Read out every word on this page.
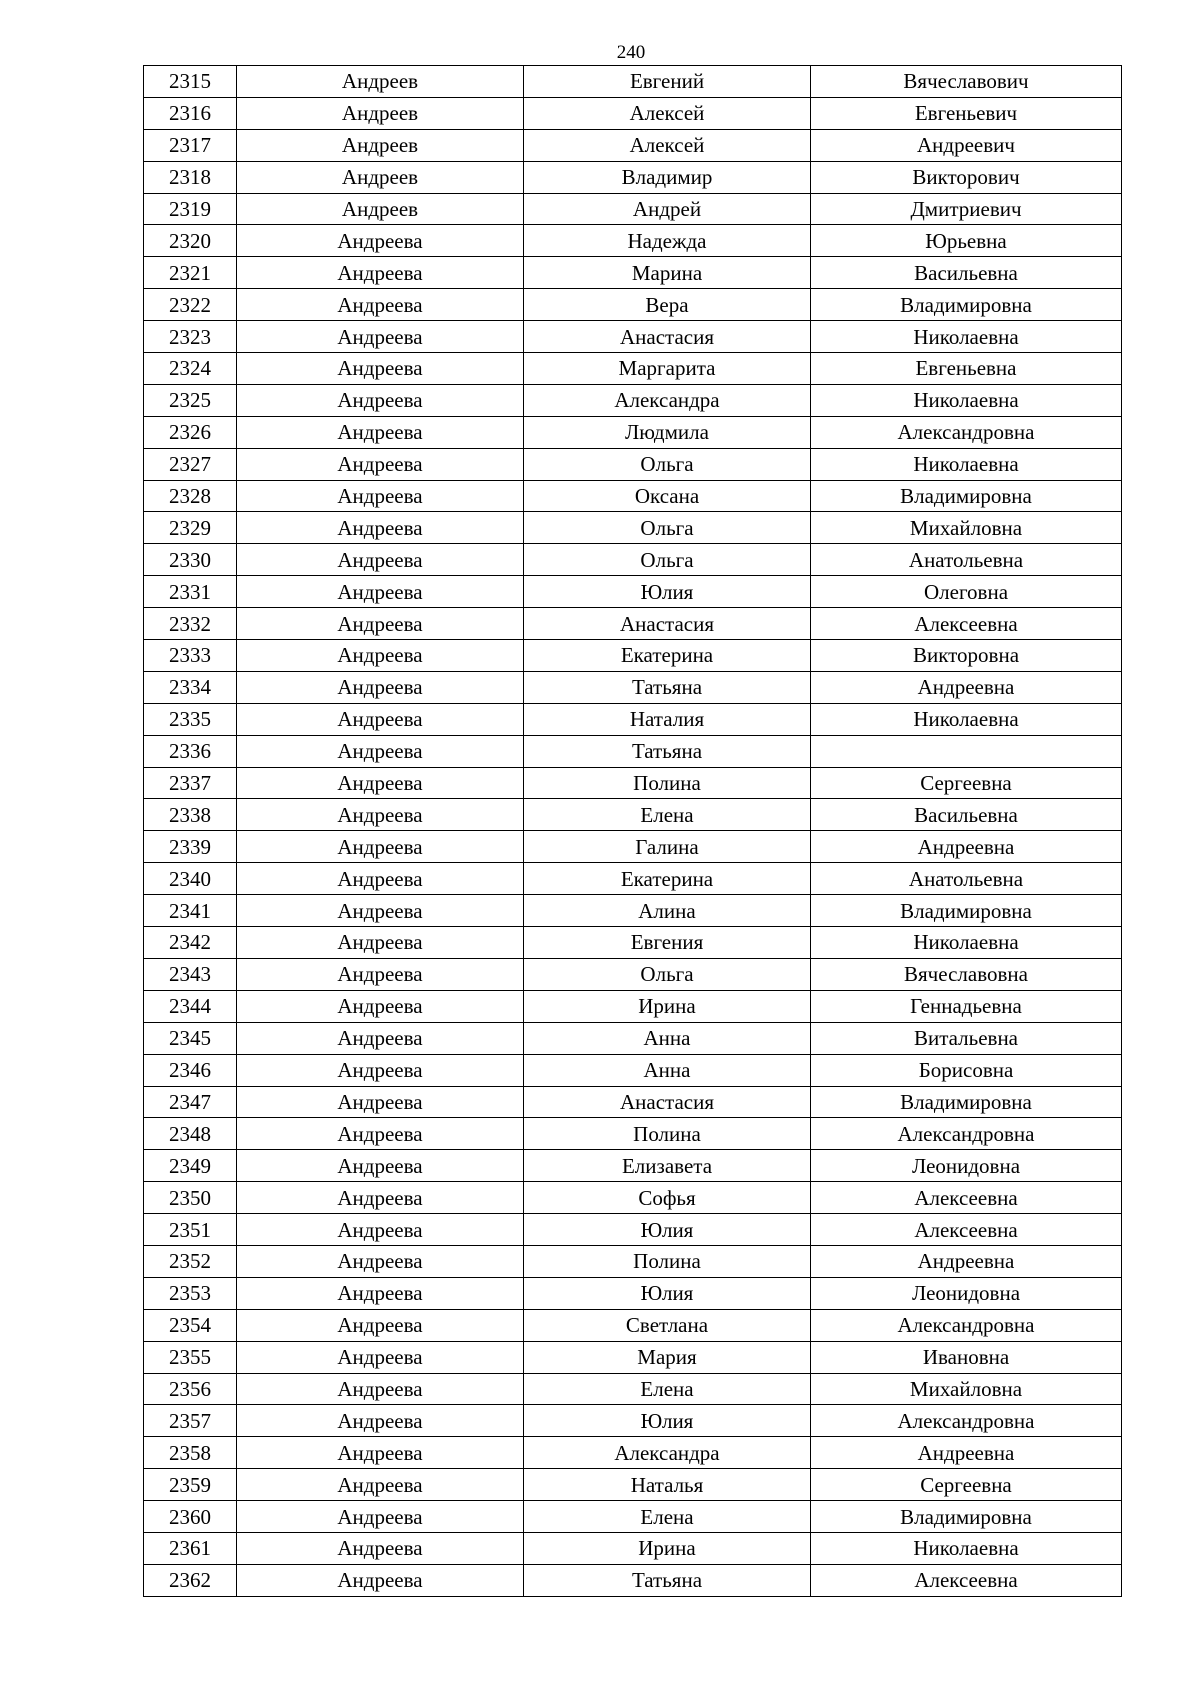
240
2315	Андреев	Евгений	Вячеславович
2316	Андреев	Алексей	Евгеньевич
2317	Андреев	Алексей	Андреевич
2318	Андреев	Владимир	Викторович
2319	Андреев	Андрей	Дмитриевич
2320	Андреева	Надежда	Юрьевна
2321	Андреева	Марина	Васильевна
2322	Андреева	Вера	Владимировна
2323	Андреева	Анастасия	Николаевна
2324	Андреева	Маргарита	Евгеньевна
2325	Андреева	Александра	Николаевна
2326	Андреева	Людмила	Александровна
2327	Андреева	Ольга	Николаевна
2328	Андреева	Оксана	Владимировна
2329	Андреева	Ольга	Михайловна
2330	Андреева	Ольга	Анатольевна
2331	Андреева	Юлия	Олеговна
2332	Андреева	Анастасия	Алексеевна
2333	Андреева	Екатерина	Викторовна
2334	Андреева	Татьяна	Андреевна
2335	Андреева	Наталия	Николаевна
2336	Андреева	Татьяна	
2337	Андреева	Полина	Сергеевна
2338	Андреева	Елена	Васильевна
2339	Андреева	Галина	Андреевна
2340	Андреева	Екатерина	Анатольевна
2341	Андреева	Алина	Владимировна
2342	Андреева	Евгения	Николаевна
2343	Андреева	Ольга	Вячеславовна
2344	Андреева	Ирина	Геннадьевна
2345	Андреева	Анна	Витальевна
2346	Андреева	Анна	Борисовна
2347	Андреева	Анастасия	Владимировна
2348	Андреева	Полина	Александровна
2349	Андреева	Елизавета	Леонидовна
2350	Андреева	Софья	Алексеевна
2351	Андреева	Юлия	Алексеевна
2352	Андреева	Полина	Андреевна
2353	Андреева	Юлия	Леонидовна
2354	Андреева	Светлана	Александровна
2355	Андреева	Мария	Ивановна
2356	Андреева	Елена	Михайловна
2357	Андреева	Юлия	Александровна
2358	Андреева	Александра	Андреевна
2359	Андреева	Наталья	Сергеевна
2360	Андреева	Елена	Владимировна
2361	Андреева	Ирина	Николаевна
2362	Андреева	Татьяна	Алексеевна
